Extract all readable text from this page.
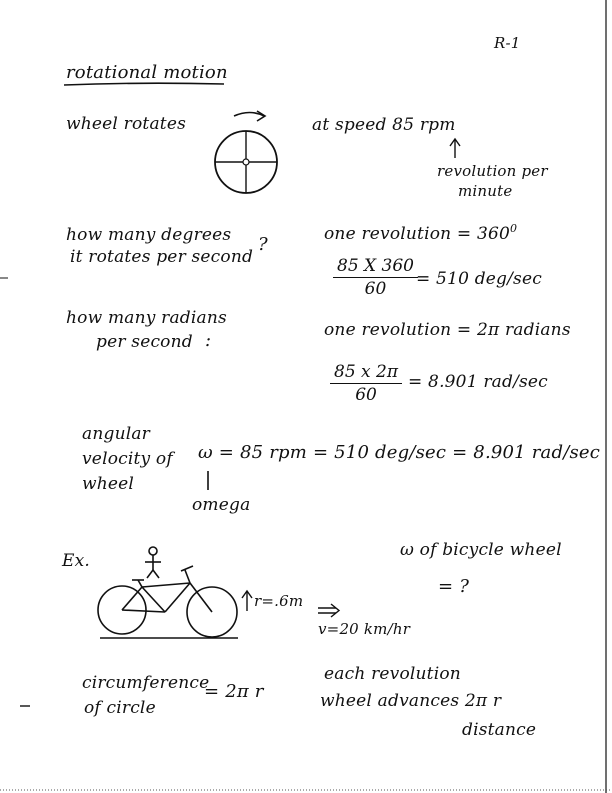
R-1
rotational motion
wheel rotates	at speed 85 rpm
revolution per
minute
how many degrees
it rotates per second
?	one revolution = $360^0$
$\frac{85 X 360}{60}$
= 510 deg/sec
how many radians
per second :	one revolution = 2π radians
$\frac{85 x 2\pi}{60} = 8.901$ rad/sec
angular
velocity of
wheel
ω = 85 rpm = 510 deg/sec = 8.901 rad/sec
omega
Ex.
ω of bicycle wheel
= ?
r=.6m
v=20 km/hr
circumference
of circle
= 2π r
each revolution
wheel advances 2π r
distance
